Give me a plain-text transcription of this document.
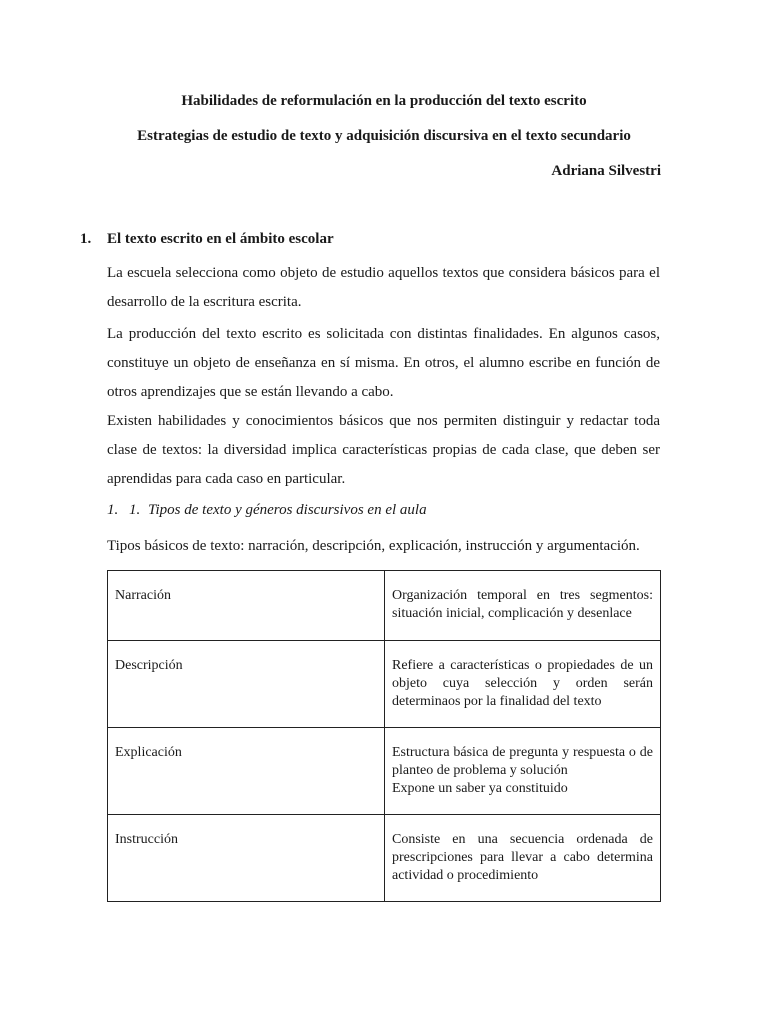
Habilidades de reformulación en la producción del texto escrito
Estrategias de estudio de texto y adquisición discursiva en el texto secundario
Adriana Silvestri
1. El texto escrito en el ámbito escolar

La escuela selecciona como objeto de estudio aquellos textos que considera básicos para el desarrollo de la escritura escrita.

La producción del texto escrito es solicitada con distintas finalidades. En algunos casos, constituye un objeto de enseñanza en sí misma. En otros, el alumno escribe en función de otros aprendizajes que se están llevando a cabo.

Existen habilidades y conocimientos básicos que nos permiten distinguir y redactar toda clase de textos: la diversidad implica características propias de cada clase, que deben ser aprendidas para cada caso en particular.

1. 1. Tipos de texto y géneros discursivos en el aula
Tipos básicos de texto: narración, descripción, explicación, instrucción y argumentación.
Narración	Organización temporal en tres segmentos: situación inicial, complicación y desenlace
Descripción	Refiere a características o propiedades de un objeto cuya selección y orden serán determinaos por la finalidad del texto
Explicación	Estructura básica de pregunta y respuesta o de planteo de problema y solución
Expone un saber ya constituido

Instrucción	Consiste en una secuencia ordenada de prescripciones para llevar a cabo determina actividad o procedimiento
